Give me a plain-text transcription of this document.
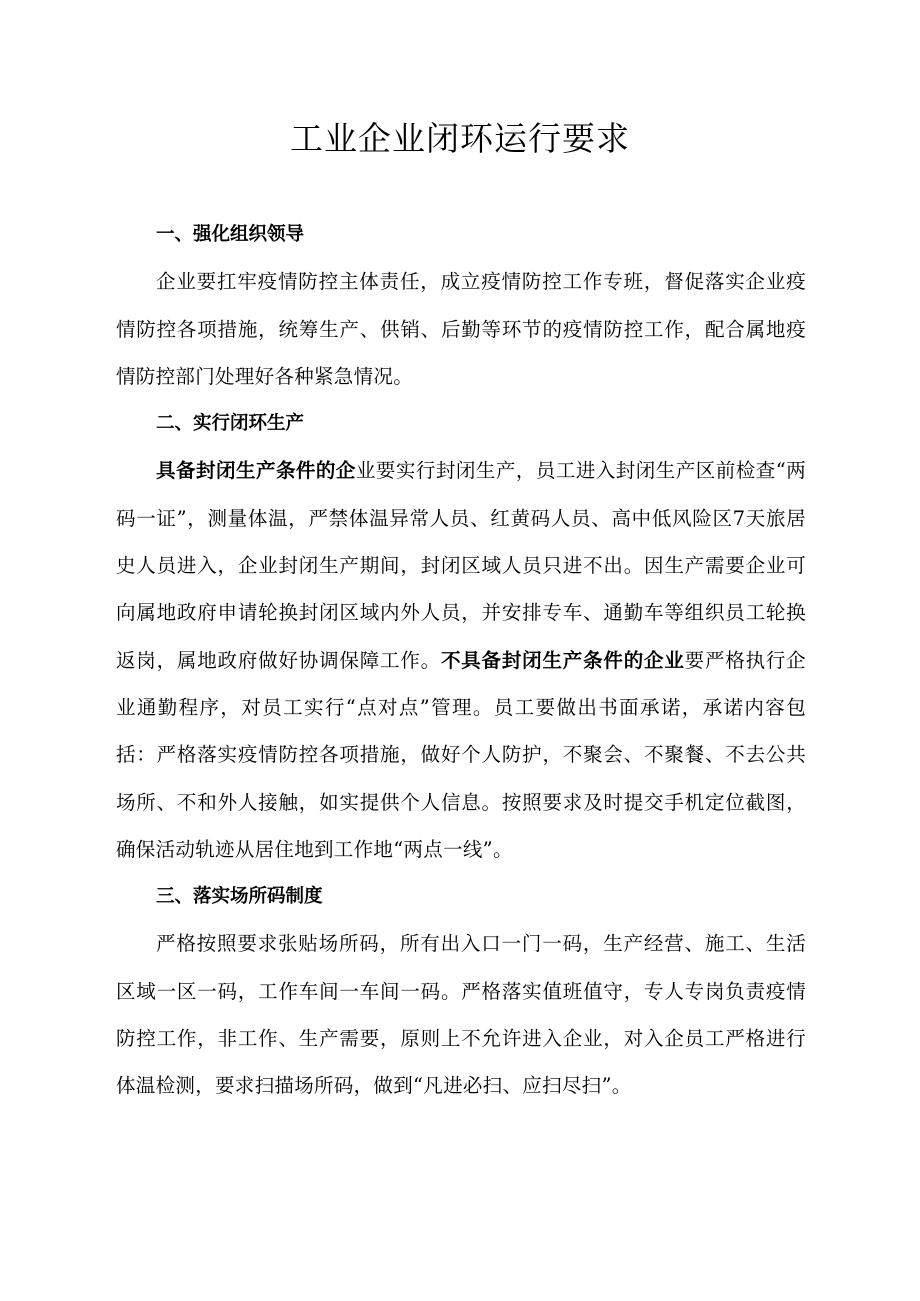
工业企业闭环运行要求

一、强化组织领导

企业要扛牢疫情防控主体责任，成立疫情防控工作专班，督促落实企业疫情防控各项措施，统筹生产、供销、后勤等环节的疫情防控工作，配合属地疫情防控部门处理好各种紧急情况。

二、实行闭环生产

具备封闭生产条件的企业要实行封闭生产，员工进入封闭生产区前检查“两码一证”，测量体温，严禁体温异常人员、红黄码人员、高中低风险区7天旅居史人员进入，企业封闭生产期间，封闭区域人员只进不出。因生产需要企业可向属地政府申请轮换封闭区域内外人员，并安排专车、通勤车等组织员工轮换返岗，属地政府做好协调保障工作。不具备封闭生产条件的企业要严格执行企业通勤程序，对员工实行“点对点”管理。员工要做出书面承诺，承诺内容包括：严格落实疫情防控各项措施，做好个人防护，不聚会、不聚餐、不去公共场所、不和外人接触，如实提供个人信息。按照要求及时提交手机定位截图，确保活动轨迹从居住地到工作地“两点一线”。

三、落实场所码制度

严格按照要求张贴场所码，所有出入口一门一码，生产经营、施工、生活区域一区一码，工作车间一车间一码。严格落实值班值守，专人专岗负责疫情防控工作，非工作、生产需要，原则上不允许进入企业，对入企员工严格进行体温检测，要求扫描场所码，做到“凡进必扫、应扫尽扫”。
